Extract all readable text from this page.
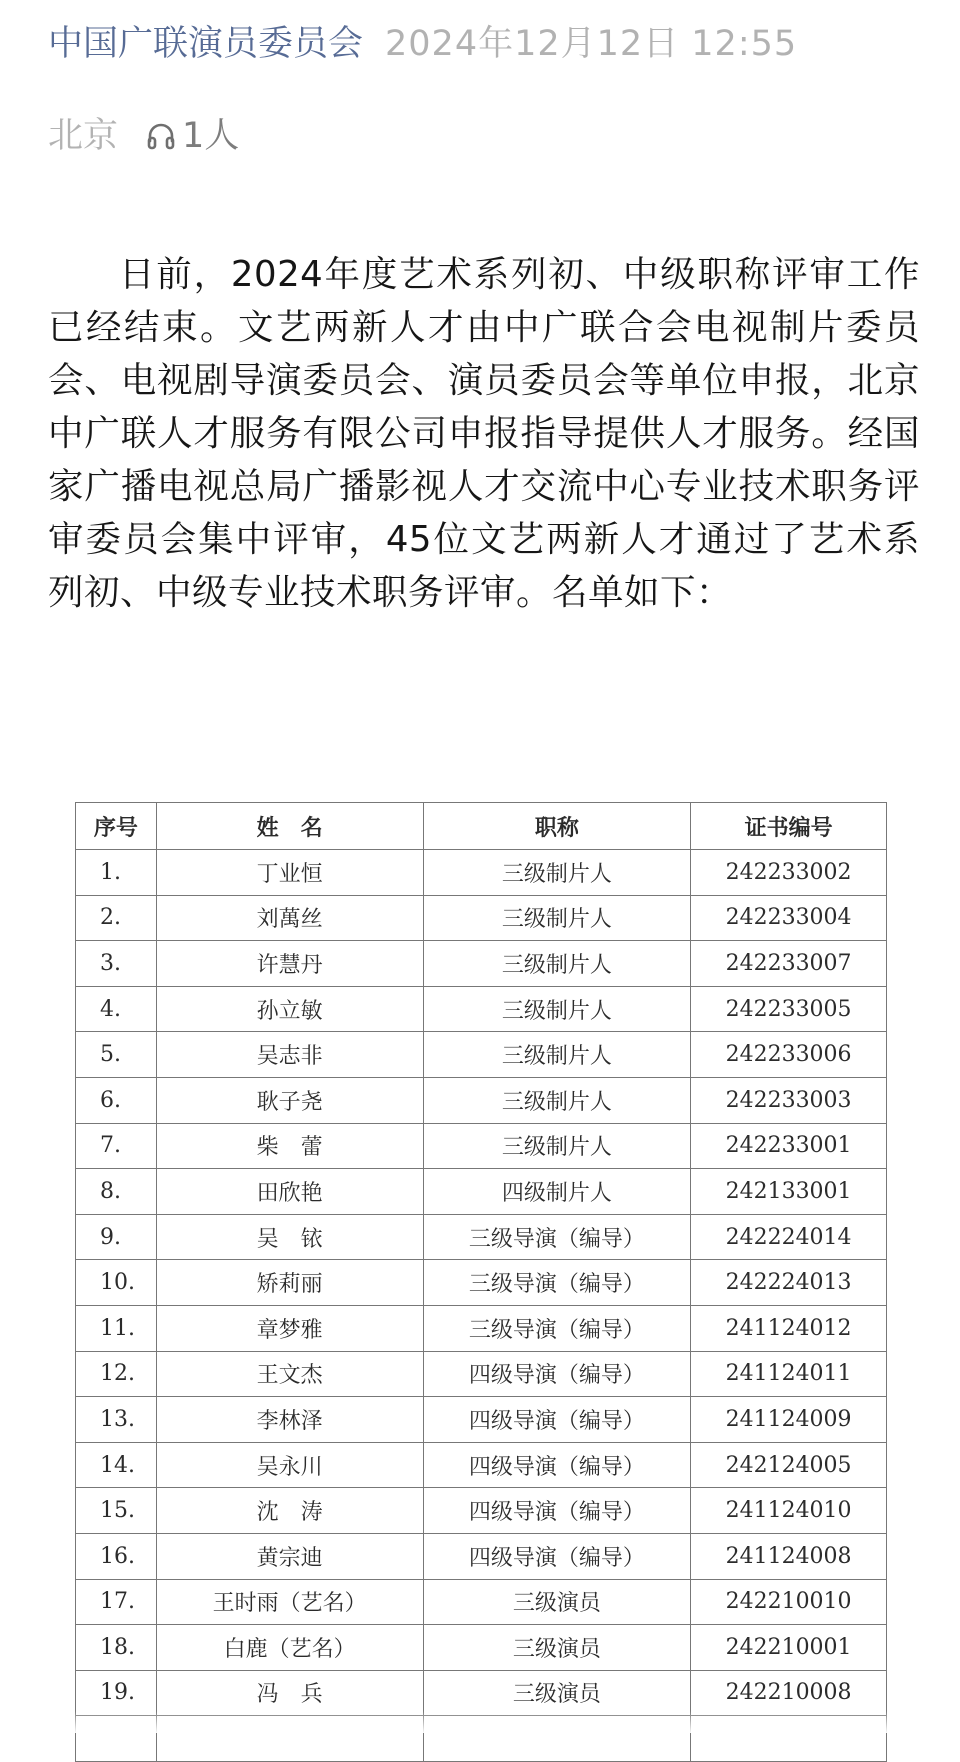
中国广联演员委员会 2024年12月12日 12:55
北京 1人

日前，2024年度艺术系列初、中级职称评审工作已经结束。文艺两新人才由中广联合会电视制片委员会、电视剧导演委员会、演员委员会等单位申报，北京中广联人才服务有限公司申报指导提供人才服务。经国家广播电视总局广播影视人才交流中心专业技术职务评审委员会集中评审，45位文艺两新人才通过了艺术系列初、中级专业技术职务评审。名单如下：

序号	姓　名	职称	证书编号
1.	丁业恒	三级制片人	242233002
2.	刘萬丝	三级制片人	242233004
3.	许慧丹	三级制片人	242233007
4.	孙立敏	三级制片人	242233005
5.	吴志非	三级制片人	242233006
6.	耿子尧	三级制片人	242233003
7.	柴　蕾	三级制片人	242233001
8.	田欣艳	四级制片人	242133001
9.	吴　铱	三级导演（编导）	242224014
10.	矫莉丽	三级导演（编导）	242224013
11.	章梦雅	三级导演（编导）	241124012
12.	王文杰	四级导演（编导）	241124011
13.	李林泽	四级导演（编导）	241124009
14.	吴永川	四级导演（编导）	242124005
15.	沈　涛	四级导演（编导）	241124010
16.	黄宗迪	四级导演（编导）	241124008
17.	王时雨（艺名）	三级演员	242210010
18.	白鹿（艺名）	三级演员	242210001
19.	冯　兵	三级演员	242210008
